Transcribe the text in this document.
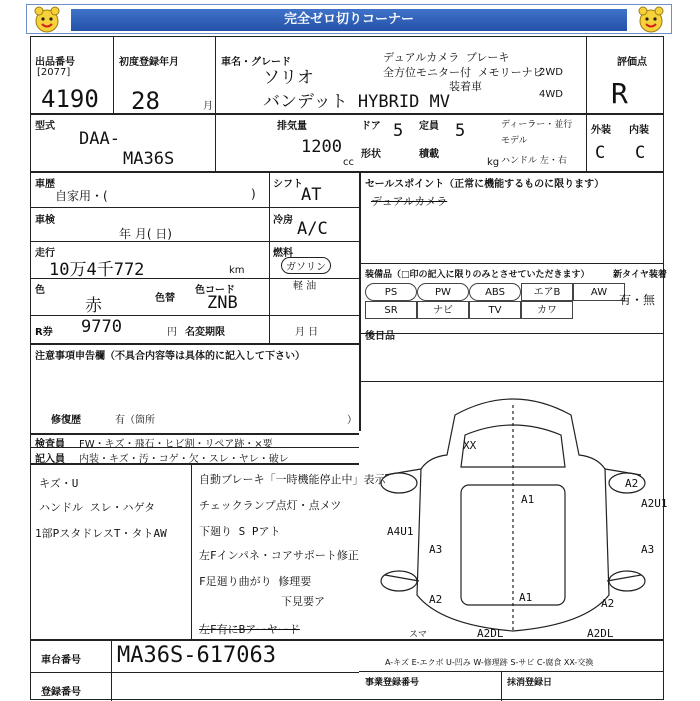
完全ゼロ切りコーナー
出品番号
[2077]
4190
初度登録年月
28	月
車名・グレード
ソリオ
バンデット HYBRID MV
デュアルカメラ ブレーキ
全方位モニター付 メモリーナビ
装着車
2WD
4WD
評価点
R
型式
DAA-
MA36S
排気量
1200
cc
ドア 5 定員 5
形状	積載
kg
ディーラー・並行
モデル
ハンドル 左・右
外装 内装
C C
車歴
自家用・(	)
車検
年 月( 日)
走行
10万4千772	km
色
赤	色替
色コード
ZNB
R券 9770	円 名変期限	月 日
シフト
AT
冷房 A/C
燃料
ガソリン
軽 油
セールスポイント（正常に機能するものに限ります）
デュアルカメラ
装備品（□印の記入に限りのみとさせていただきます）
PS	PW	ABS	エアB	AW
SR	ナビ	TV	カワ
新タイヤ装着
有・無
後日品
注意事項申告欄（不具合内容等は具体的に記入して下さい）
修復歴	有（箇所	）
検査員 FW・キズ・飛石・ヒビ割・リペア跡・×要
記入員 内装・キズ・汚・コゲ・欠・スレ・ヤレ・破レ
キズ・U
ハンドル スレ・ハゲタ
1部PスタドレスT・タトAW
自動ブレーキ「一時機能停止中」表示
チェックランプ点灯・点メツ
下廻り S Pアト
左Fインパネ・コアサポート修正
F足廻り曲がり 修理要
下見要ア
左F有にBアーヤード
XX
A1
A2
A2U1
A4U1
A3	A3
A2	A1	A2
A2DL	A2DL
スマ
車台番号 MA36S-617063
登録番号
A-キズ E-エクボ U-凹み W-修理跡 S-サビ C-腐食 XX-交換
事業登録番号	抹消登録日
